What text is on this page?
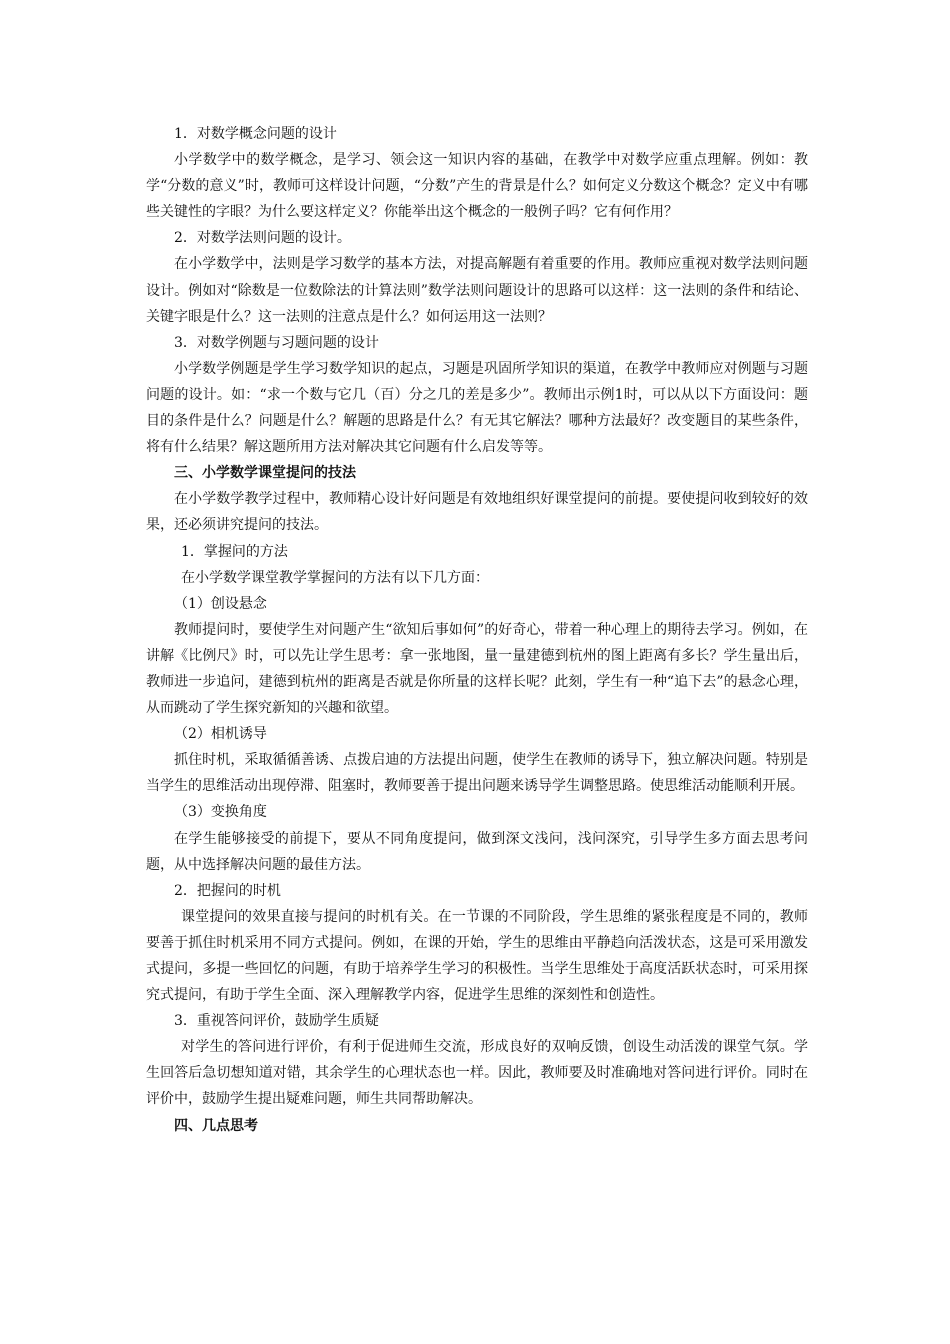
1．对数学概念问题的设计

小学数学中的数学概念，是学习、领会这一知识内容的基础，在教学中对数学应重点理解。例如：教学“分数的意义”时，教师可这样设计问题，“分数”产生的背景是什么？如何定义分数这个概念？定义中有哪些关键性的字眼？为什么要这样定义？你能举出这个概念的一般例子吗？它有何作用？

2．对数学法则问题的设计。

在小学数学中，法则是学习数学的基本方法，对提高解题有着重要的作用。教师应重视对数学法则问题设计。例如对“除数是一位数除法的计算法则”数学法则问题设计的思路可以这样：这一法则的条件和结论、关键字眼是什么？这一法则的注意点是什么？如何运用这一法则？

3．对数学例题与习题问题的设计

小学数学例题是学生学习数学知识的起点，习题是巩固所学知识的渠道，在教学中教师应对例题与习题问题的设计。如：“求一个数与它几（百）分之几的差是多少”。教师出示例1时，可以从以下方面设问：题目的条件是什么？问题是什么？解题的思路是什么？有无其它解法？哪种方法最好？改变题目的某些条件，将有什么结果？解这题所用方法对解决其它问题有什么启发等等。

三、小学数学课堂提问的技法

在小学数学教学过程中，教师精心设计好问题是有效地组织好课堂提问的前提。要使提问收到较好的效果，还必须讲究提问的技法。

1．掌握问的方法

在小学数学课堂教学掌握问的方法有以下几方面：

（1）创设悬念

教师提问时，要使学生对问题产生“欲知后事如何”的好奇心，带着一种心理上的期待去学习。例如，在讲解《比例尺》时，可以先让学生思考：拿一张地图，量一量建德到杭州的图上距离有多长？学生量出后，教师进一步追问，建德到杭州的距离是否就是你所量的这样长呢？此刻，学生有一种“追下去”的悬念心理，从而跳动了学生探究新知的兴趣和欲望。

（2）相机诱导

抓住时机，采取循循善诱、点拨启迪的方法提出问题，使学生在教师的诱导下，独立解决问题。特别是当学生的思维活动出现停滞、阻塞时，教师要善于提出问题来诱导学生调整思路。使思维活动能顺利开展。

（3）变换角度

在学生能够接受的前提下，要从不同角度提问，做到深文浅问，浅问深究，引导学生多方面去思考问题，从中选择解决问题的最佳方法。

2．把握问的时机

课堂提问的效果直接与提问的时机有关。在一节课的不同阶段，学生思维的紧张程度是不同的，教师要善于抓住时机采用不同方式提问。例如，在课的开始，学生的思维由平静趋向活泼状态，这是可采用激发式提问，多提一些回忆的问题，有助于培养学生学习的积极性。当学生思维处于高度活跃状态时，可采用探究式提问，有助于学生全面、深入理解教学内容，促进学生思维的深刻性和创造性。

3．重视答问评价，鼓励学生质疑

对学生的答问进行评价，有利于促进师生交流，形成良好的双响反馈，创设生动活泼的课堂气氛。学生回答后急切想知道对错，其余学生的心理状态也一样。因此，教师要及时准确地对答问进行评价。同时在评价中，鼓励学生提出疑难问题，师生共同帮助解决。

四、几点思考
